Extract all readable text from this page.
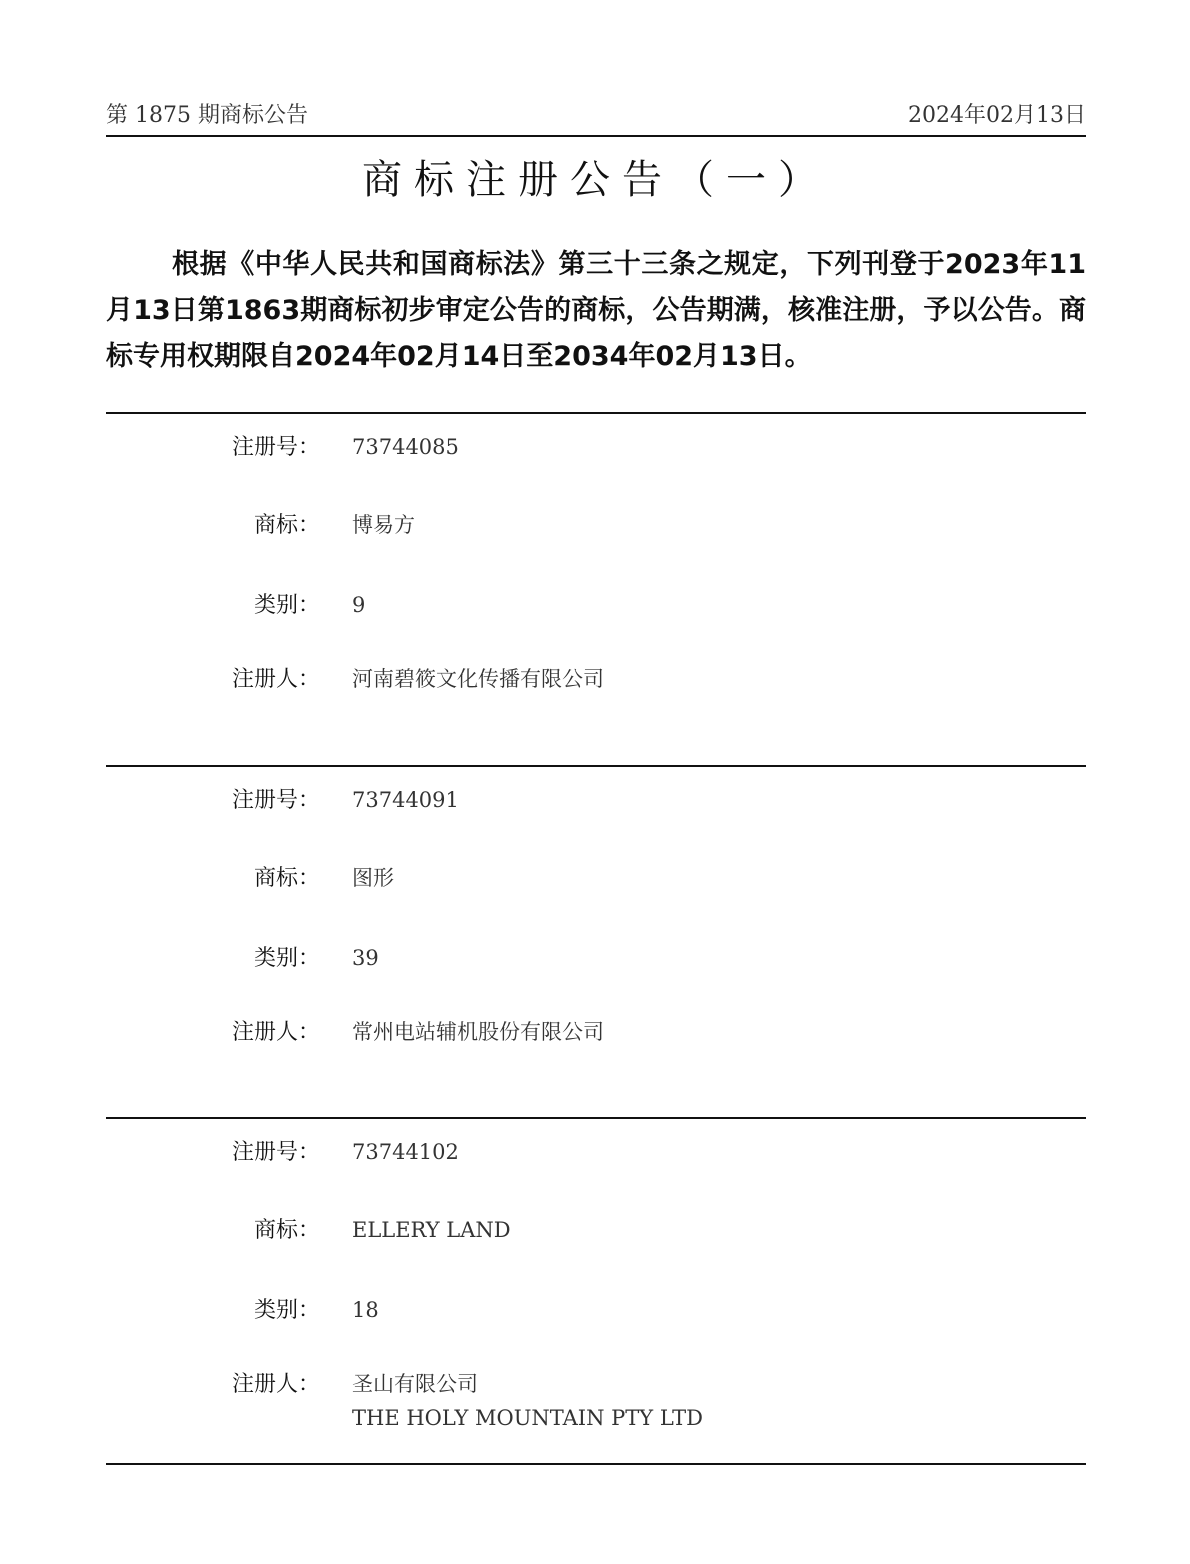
第 1875 期商标公告	2024年02月13日
商标注册公告（一）
根据《中华人民共和国商标法》第三十三条之规定，下列刊登于2023年11月13日第1863期商标初步审定公告的商标，公告期满，核准注册，予以公告。商标专用权期限自2024年02月14日至2034年02月13日。
注册号： 73744085
商标： 博易方
类别： 9
注册人： 河南碧筱文化传播有限公司
注册号： 73744091
商标： 图形
类别： 39
注册人： 常州电站辅机股份有限公司
注册号： 73744102
商标： ELLERY LAND
类别： 18
注册人： 圣山有限公司
THE HOLY MOUNTAIN PTY LTD
